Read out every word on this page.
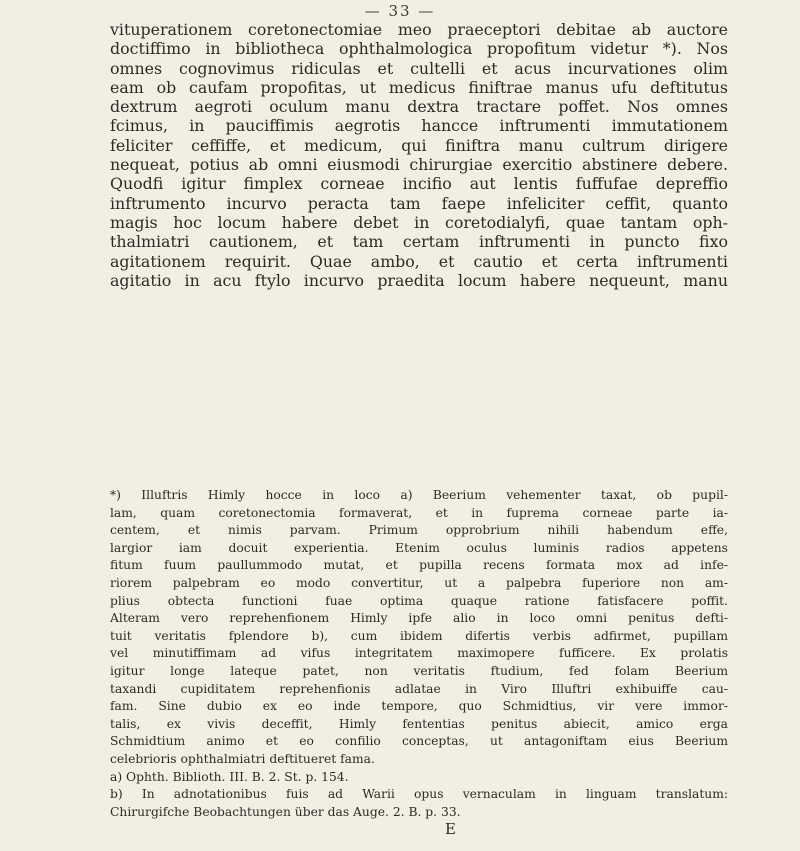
— 33 —
vituperationem coretonectomiae meo praeceptori debitae ab auctore
doctiffimo in bibliotheca ophthalmologica propofitum videtur *). Nos
omnes cognovimus ridiculas et cultelli et acus incurvationes olim
eam ob caufam propofitas, ut medicus finiftrae manus ufu deftitutus
dextrum aegroti oculum manu dextra tractare poffet. Nos omnes
fcimus, in pauciffimis aegrotis hancce inftrumenti immutationem
feliciter ceffiffe, et medicum, qui finiftra manu cultrum dirigere
nequeat, potius ab omni eiusmodi chirurgiae exercitio abstinere debere.
Quodfi igitur fimplex corneae incifio aut lentis fuffufae depreffio
inftrumento incurvo peracta tam faepe infeliciter ceffit, quanto
magis hoc locum habere debet in coretodialyfi, quae tantam oph-
thalmiatri cautionem, et tam certam inftrumenti in puncto fixo
agitationem requirit. Quae ambo, et cautio et certa inftrumenti
agitatio in acu ftylo incurvo praedita locum habere nequeunt, manu
*) Illuftris Himly hocce in loco a) Beerium vehementer taxat, ob pupil-
lam, quam coretonectomia formaverat, et in fuprema corneae parte ia-
centem, et nimis parvam. Primum opprobrium nihili habendum effe,
largior iam docuit experientia. Etenim oculus luminis radios appetens
fitum fuum paullummodo mutat, et pupilla recens formata mox ad infe-
riorem palpebram eo modo convertitur, ut a palpebra fuperiore non am-
plius obtecta functioni fuae optima quaque ratione fatisfacere poffit.
Alteram vero reprehenfionem Himly ipfe alio in loco omni penitus defti-
tuit veritatis fplendore b), cum ibidem difertis verbis adfirmet, pupillam
vel minutiffimam ad vifus integritatem maximopere fufficere. Ex prolatis
igitur longe lateque patet, non veritatis ftudium, fed folam Beerium
taxandi cupiditatem reprehenfionis adlatae in Viro Illuftri exhibuiffe cau-
fam. Sine dubio ex eo inde tempore, quo Schmidtius, vir vere immor-
talis, ex vivis deceffit, Himly fententias penitus abiecit, amico erga
Schmidtium animo et eo confilio conceptas, ut antagoniftam eius Beerium
celebrioris ophthalmiatri deftitueret fama.
a) Ophth. Biblioth. III. B. 2. St. p. 154.
b) In adnotationibus fuis ad Warii opus vernaculam in linguam translatum:
Chirurgifche Beobachtungen über das Auge. 2. B. p. 33.
E
